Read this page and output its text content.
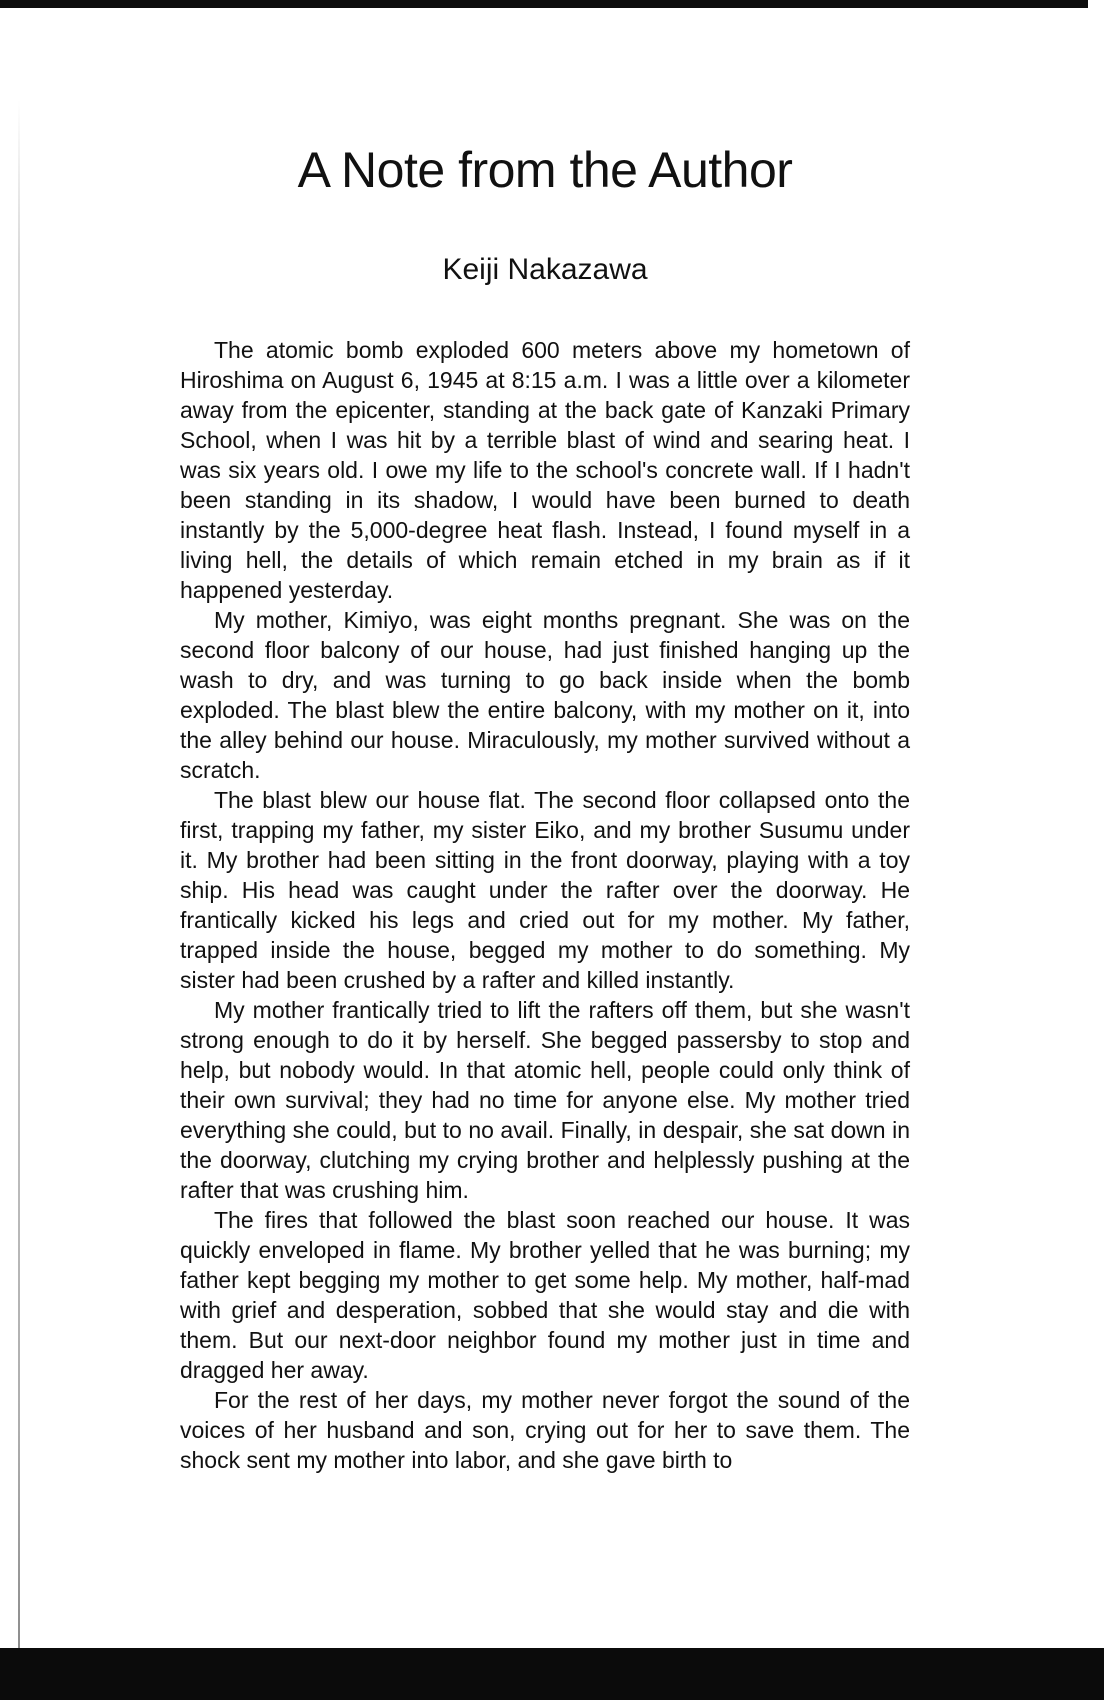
A Note from the Author
Keiji Nakazawa

The atomic bomb exploded 600 meters above my hometown of Hiroshima on August 6, 1945 at 8:15 a.m. I was a little over a kilometer away from the epicenter, standing at the back gate of Kanzaki Primary School, when I was hit by a terrible blast of wind and searing heat. I was six years old. I owe my life to the school's concrete wall. If I hadn't been standing in its shadow, I would have been burned to death instantly by the 5,000-degree heat flash. Instead, I found myself in a living hell, the details of which remain etched in my brain as if it happened yesterday.

My mother, Kimiyo, was eight months pregnant. She was on the second floor balcony of our house, had just finished hanging up the wash to dry, and was turning to go back inside when the bomb exploded. The blast blew the entire balcony, with my mother on it, into the alley behind our house. Miraculously, my mother survived without a scratch.

The blast blew our house flat. The second floor collapsed onto the first, trapping my father, my sister Eiko, and my brother Susumu under it. My brother had been sitting in the front doorway, playing with a toy ship. His head was caught under the rafter over the doorway. He frantically kicked his legs and cried out for my mother. My father, trapped inside the house, begged my mother to do something. My sister had been crushed by a rafter and killed instantly.

My mother frantically tried to lift the rafters off them, but she wasn't strong enough to do it by herself. She begged passersby to stop and help, but nobody would. In that atomic hell, people could only think of their own survival; they had no time for anyone else. My mother tried everything she could, but to no avail. Finally, in despair, she sat down in the doorway, clutching my crying brother and helplessly pushing at the rafter that was crushing him.

The fires that followed the blast soon reached our house. It was quickly enveloped in flame. My brother yelled that he was burning; my father kept begging my mother to get some help. My mother, half-mad with grief and desperation, sobbed that she would stay and die with them. But our next-door neighbor found my mother just in time and dragged her away.

For the rest of her days, my mother never forgot the sound of the voices of her husband and son, crying out for her to save them. The shock sent my mother into labor, and she gave birth to
